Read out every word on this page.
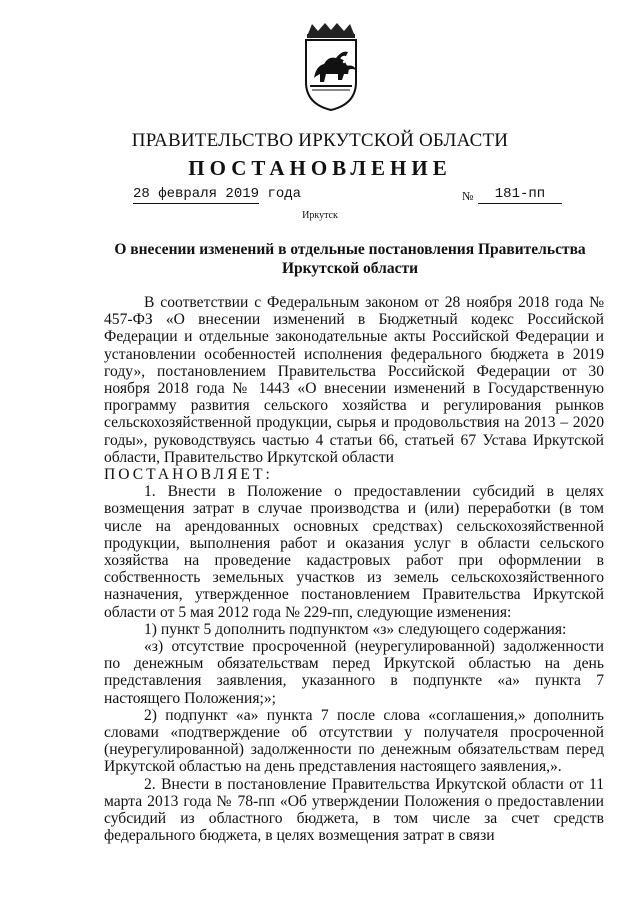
ПРАВИТЕЛЬСТВО ИРКУТСКОЙ ОБЛАСТИ
ПОСТАНОВЛЕНИЕ
28 февраля 2019 года	№	181-пп
Иркутск
О внесении изменений в отдельные постановления Правительства Иркутской области

В соответствии с Федеральным законом от 28 ноября 2018 года № 457-ФЗ «О внесении изменений в Бюджетный кодекс Российской Федерации и отдельные законодательные акты Российской Федерации и установлении особенностей исполнения федерального бюджета в 2019 году», постановлением Правительства Российской Федерации от 30 ноября 2018 года № 1443 «О внесении изменений в Государственную программу развития сельского хозяйства и регулирования рынков сельскохозяйственной продукции, сырья и продовольствия на 2013 – 2020 годы», руководствуясь частью 4 статьи 66, статьей 67 Устава Иркутской области, Правительство Иркутской области

ПОСТАНОВЛЯЕТ:

1. Внести в Положение о предоставлении субсидий в целях возмещения затрат в случае производства и (или) переработки (в том числе на арендованных основных средствах) сельскохозяйственной продукции, выполнения работ и оказания услуг в области сельского хозяйства на проведение кадастровых работ при оформлении в собственность земельных участков из земель сельскохозяйственного назначения, утвержденное постановлением Правительства Иркутской области от 5 мая 2012 года № 229-пп, следующие изменения:

1) пункт 5 дополнить подпунктом «з» следующего содержания:

«з) отсутствие просроченной (неурегулированной) задолженности по денежным обязательствам перед Иркутской областью на день представления заявления, указанного в подпункте «а» пункта 7 настоящего Положения;»;

2) подпункт «а» пункта 7 после слова «соглашения,» дополнить словами «подтверждение об отсутствии у получателя просроченной (неурегулированной) задолженности по денежным обязательствам перед Иркутской областью на день представления настоящего заявления,».

2. Внести в постановление Правительства Иркутской области от 11 марта 2013 года № 78-пп «Об утверждении Положения о предоставлении субсидий из областного бюджета, в том числе за счет средств федерального бюджета, в целях возмещения затрат в связи
